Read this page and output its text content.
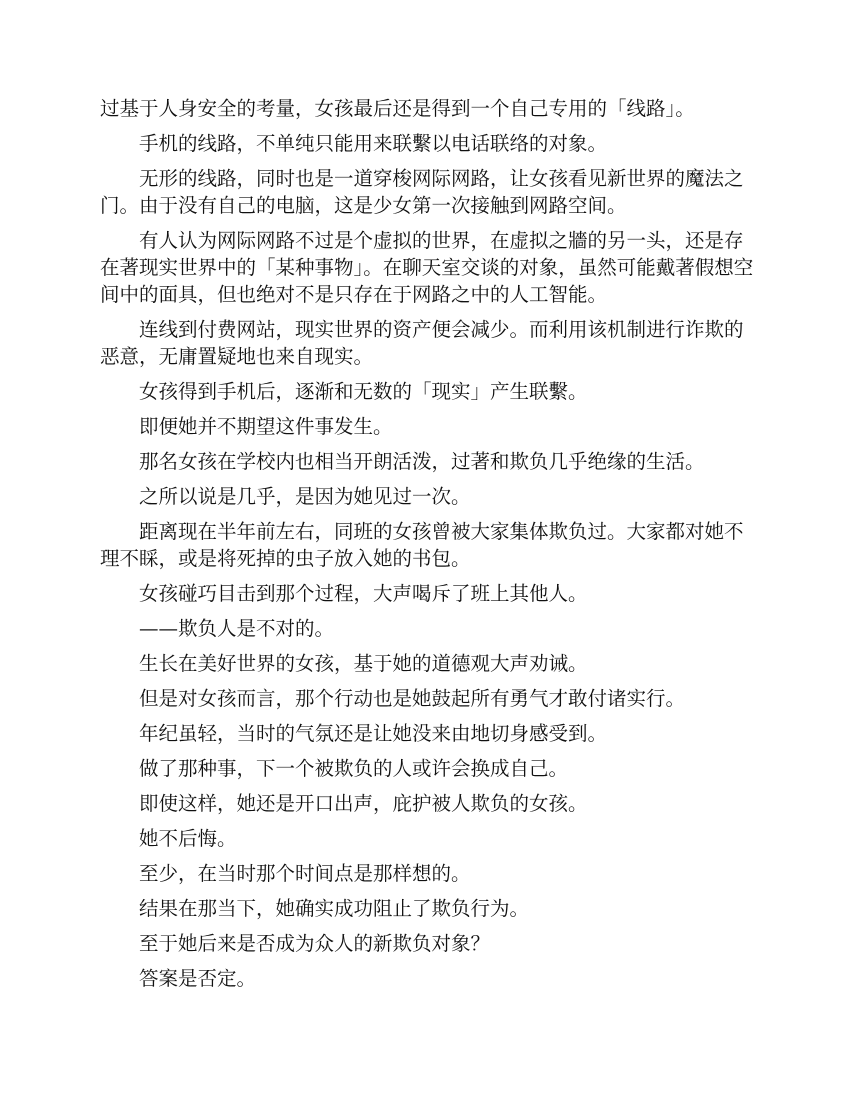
过基于人身安全的考量，女孩最后还是得到一个自己专用的「线路」。

手机的线路，不单纯只能用来联繫以电话联络的对象。

无形的线路，同时也是一道穿梭网际网路，让女孩看见新世界的魔法之门。由于没有自己的电脑，这是少女第一次接触到网路空间。

有人认为网际网路不过是个虚拟的世界，在虚拟之牆的另一头，还是存在著现实世界中的「某种事物」。在聊天室交谈的对象，虽然可能戴著假想空间中的面具，但也绝对不是只存在于网路之中的人工智能。

连线到付费网站，现实世界的资产便会减少。而利用该机制进行诈欺的恶意，无庸置疑地也来自现实。

女孩得到手机后，逐渐和无数的「现实」产生联繫。

即便她并不期望这件事发生。

那名女孩在学校内也相当开朗活泼，过著和欺负几乎绝缘的生活。

之所以说是几乎，是因为她见过一次。

距离现在半年前左右，同班的女孩曾被大家集体欺负过。大家都对她不理不睬，或是将死掉的虫子放入她的书包。

女孩碰巧目击到那个过程，大声喝斥了班上其他人。

——欺负人是不对的。

生长在美好世界的女孩，基于她的道德观大声劝诫。

但是对女孩而言，那个行动也是她鼓起所有勇气才敢付诸实行。

年纪虽轻，当时的气氛还是让她没来由地切身感受到。

做了那种事，下一个被欺负的人或许会换成自己。

即使这样，她还是开口出声，庇护被人欺负的女孩。

她不后悔。

至少，在当时那个时间点是那样想的。

结果在那当下，她确实成功阻止了欺负行为。

至于她后来是否成为众人的新欺负对象？

答案是否定。
